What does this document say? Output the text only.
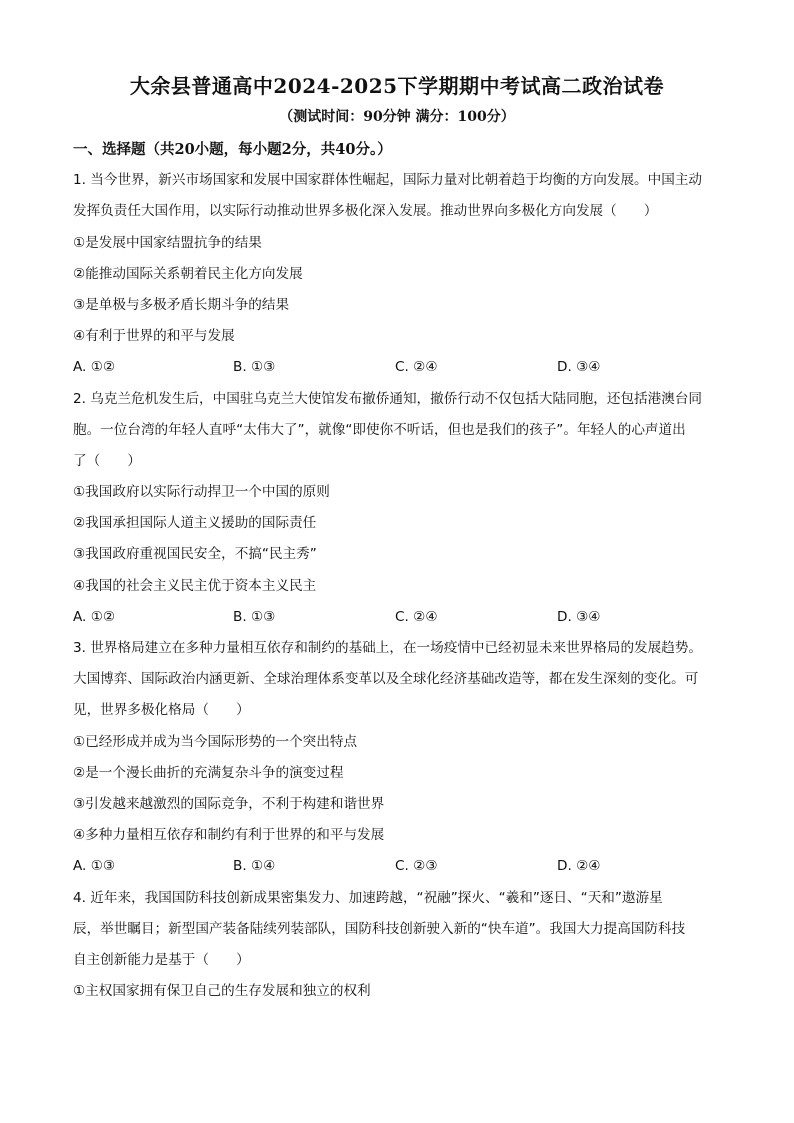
大余县普通高中2024-2025下学期期中考试高二政治试卷
（测试时间：90分钟 满分：100分）
一、选择题（共20小题，每小题2分，共40分。）
1. 当今世界，新兴市场国家和发展中国家群体性崛起，国际力量对比朝着趋于均衡的方向发展。中国主动
发挥负责任大国作用，以实际行动推动世界多极化深入发展。推动世界向多极化方向发展（　　）
①是发展中国家结盟抗争的结果
②能推动国际关系朝着民主化方向发展
③是单极与多极矛盾长期斗争的结果
④有利于世界的和平与发展
A. ①②	B. ①③	C. ②④	D. ③④
2. 乌克兰危机发生后，中国驻乌克兰大使馆发布撤侨通知，撤侨行动不仅包括大陆同胞，还包括港澳台同
胞。一位台湾的年轻人直呼“太伟大了”，就像“即使你不听话，但也是我们的孩子”。年轻人的心声道出
了（　　）
①我国政府以实际行动捍卫一个中国的原则
②我国承担国际人道主义援助的国际责任
③我国政府重视国民安全，不搞“民主秀”
④我国的社会主义民主优于资本主义民主
A. ①②	B. ①③	C. ②④	D. ③④
3. 世界格局建立在多种力量相互依存和制约的基础上，在一场疫情中已经初显未来世界格局的发展趋势。
大国博弈、国际政治内涵更新、全球治理体系变革以及全球化经济基础改造等，都在发生深刻的变化。可
见，世界多极化格局（　　）
①已经形成并成为当今国际形势的一个突出特点
②是一个漫长曲折的充满复杂斗争的演变过程
③引发越来越激烈的国际竞争，不利于构建和谐世界
④多种力量相互依存和制约有利于世界的和平与发展
A. ①③	B. ①④	C. ②③	D. ②④
4. 近年来，我国国防科技创新成果密集发力、加速跨越，“祝融”探火、“羲和”逐日、“天和”遨游星
辰，举世瞩目；新型国产装备陆续列装部队，国防科技创新驶入新的“快车道”。我国大力提高国防科技
自主创新能力是基于（　　）
①主权国家拥有保卫自己的生存发展和独立的权利
